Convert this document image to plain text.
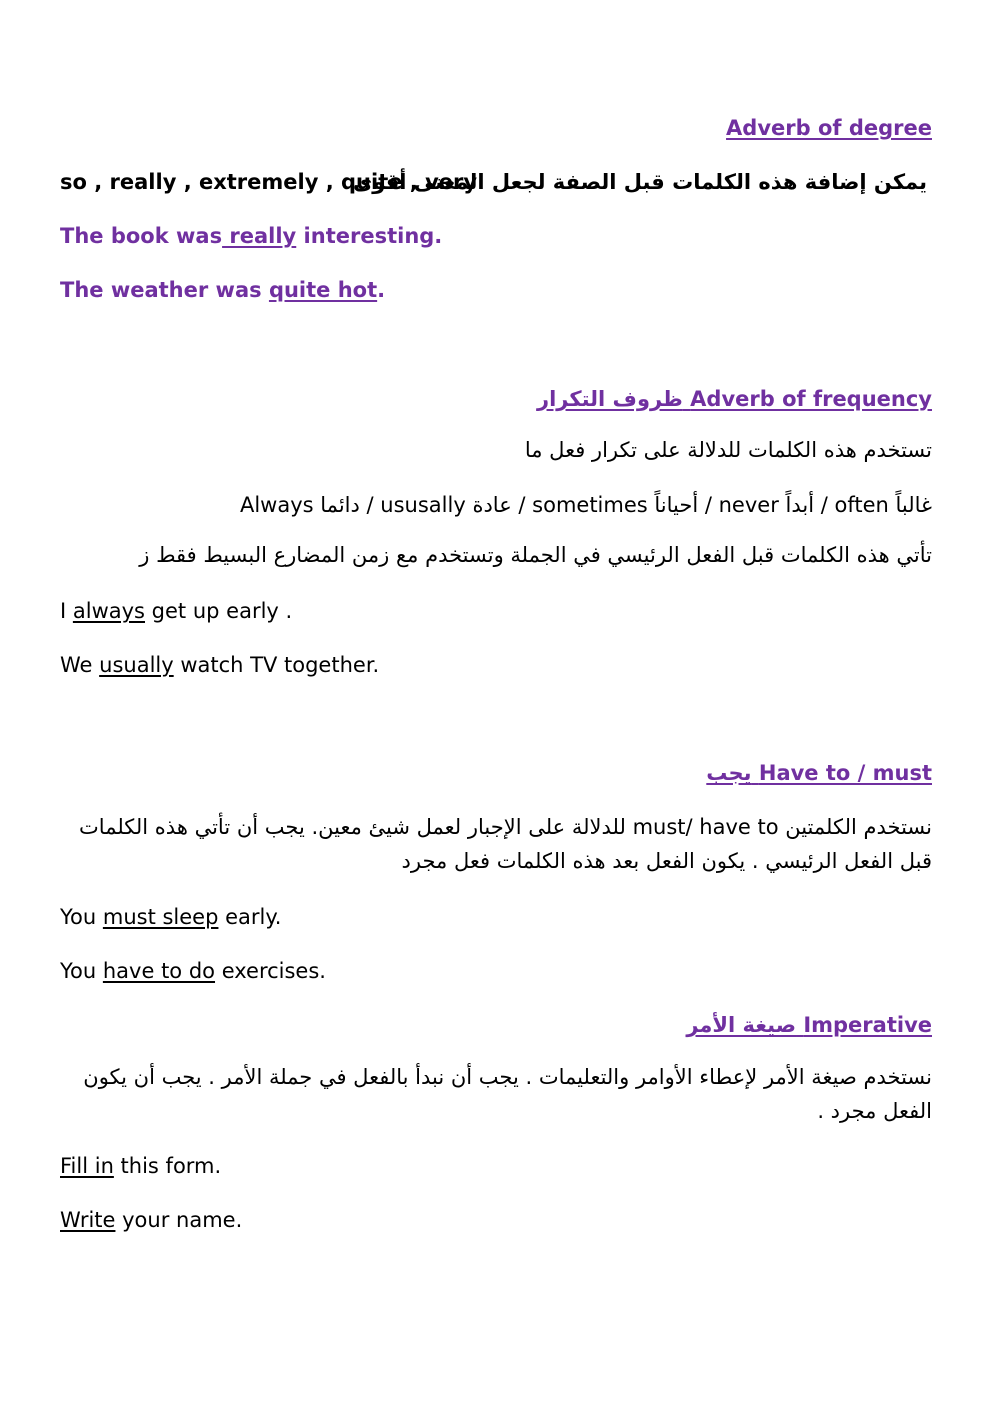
Adverb of degree
so , really , extremely , quite , very
يمكن إضافة هذه الكلمات قبل الصفة لجعل المعنى أقوى
The book was really interesting.
The weather was quite hot.
ظروف التكرار Adverb of frequency
تستخدم هذه الكلمات للدلالة على تكرار فعل ما
Always دائما / ususally عادة / sometimes أحياناً / never أبداً / often غالباً
تأتي هذه الكلمات قبل الفعل الرئيسي في الجملة وتستخدم مع زمن المضارع البسيط فقط ز
I always get up early .
We usually watch TV together.
يجب Have to / must
نستخدم الكلمتين must/ have to للدلالة على الإجبار لعمل شيئ معين. يجب أن تأتي هذه الكلمات قبل الفعل الرئيسي . يكون الفعل بعد هذه الكلمات فعل مجرد
You must sleep early.
You have to do exercises.
صيغة الأمر Imperative
نستخدم صيغة الأمر لإعطاء الأوامر والتعليمات . يجب أن نبدأ بالفعل في جملة الأمر . يجب أن يكون الفعل مجرد .
Fill in this form.
Write your name.
